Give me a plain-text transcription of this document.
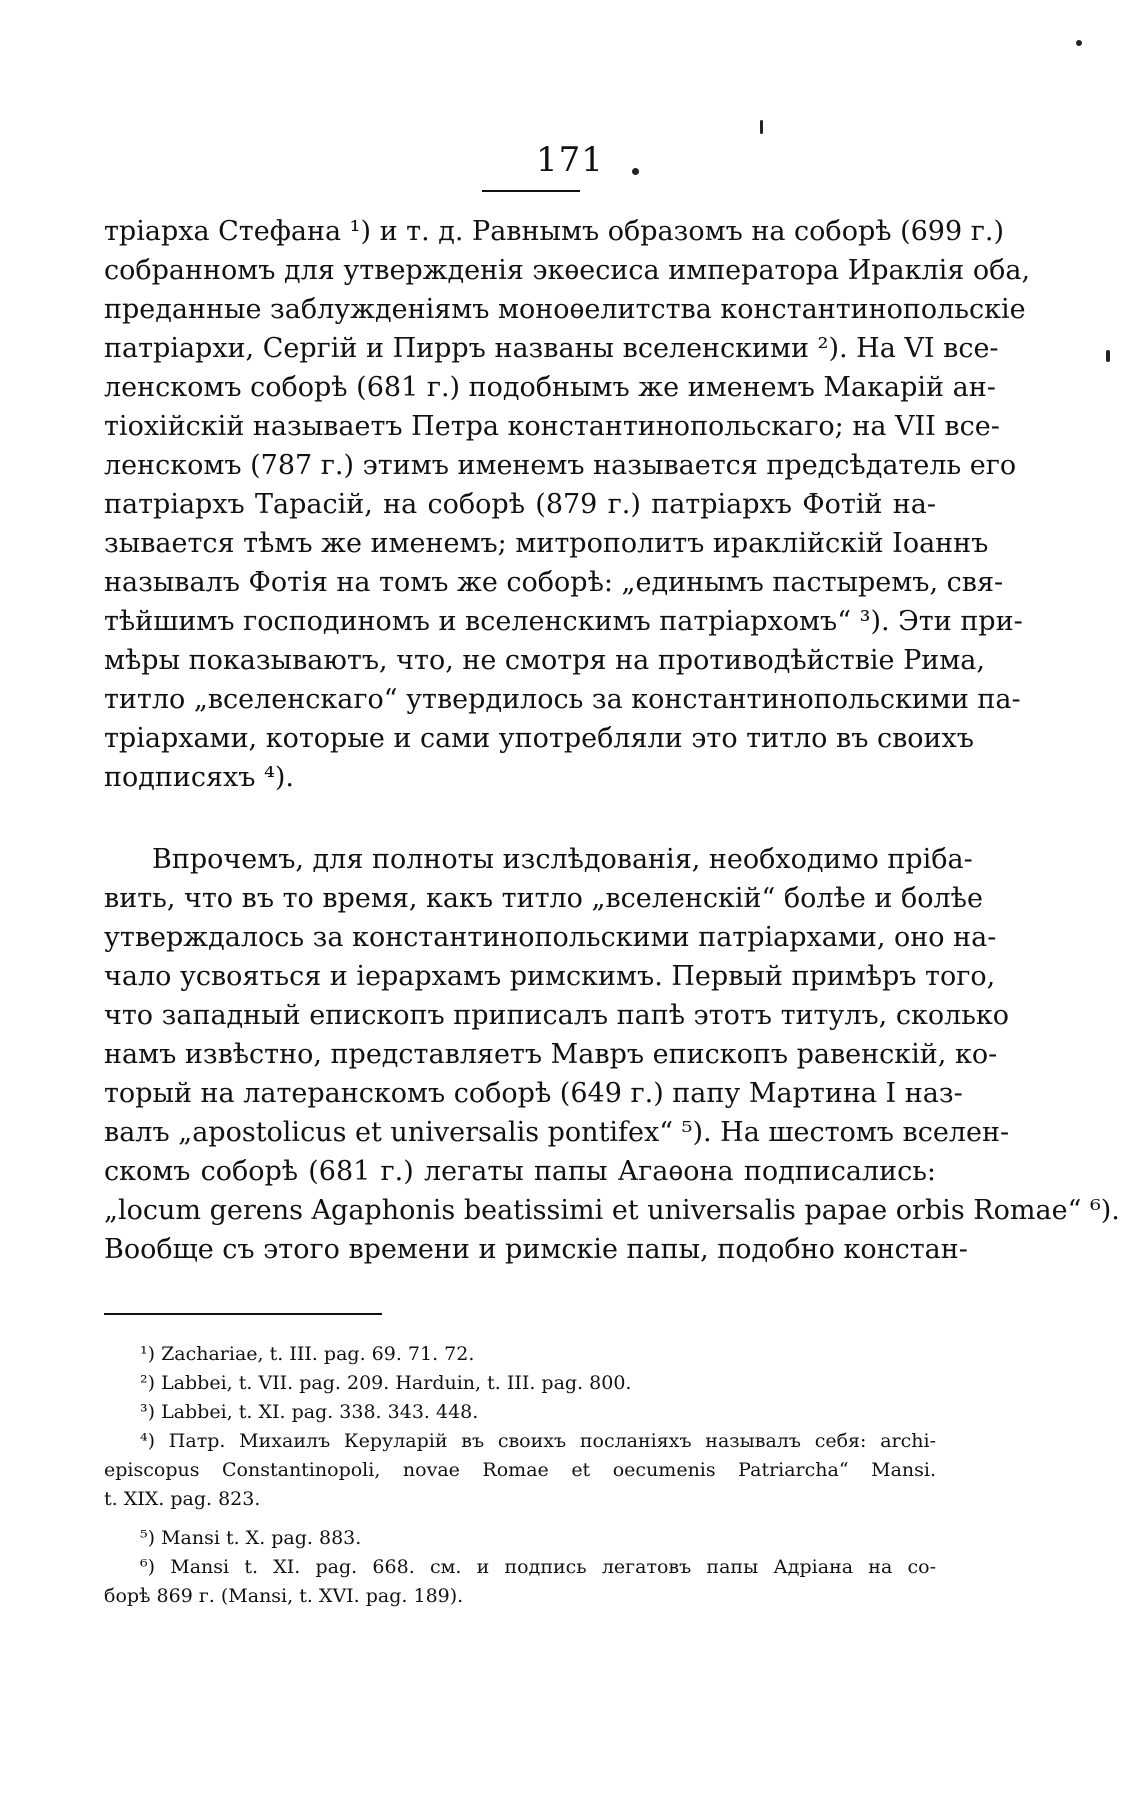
171
тріарха Стефана ¹) и т. д. Равнымъ образомъ на соборѣ (699 г.)
собранномъ для утвержденія экѳесиса императора Ираклія оба,
преданные заблужденіямъ монoѳелитства константинопольскіе
патріархи, Сергій и Пирръ названы вселенскими ²). На VI все-
ленскомъ соборѣ (681 г.) подобнымъ же именемъ Макарій ан-
тіохійскій называетъ Петра константинопольскаго; на VII все-
ленскомъ (787 г.) этимъ именемъ называется предсѣдатель его
патріархъ Тарасій, на соборѣ (879 г.) патріархъ Фотій на-
зывается тѣмъ же именемъ; митрополитъ ираклійскій Іоаннъ
называлъ Фотія на томъ же соборѣ: „единымъ пастыремъ, свя-
тѣйшимъ господиномъ и вселенскимъ патріархомъ“ ³). Эти при-
мѣры показываютъ, что, не смотря на противодѣйствіе Рима,
титло „вселенскаго“ утвердилось за константинопольскими па-
тріархами, которые и сами употребляли это титло въ своихъ
подписяхъ ⁴).
Впрочемъ, для полноты изслѣдованія, необходимо прiба-
вить, что въ то время, какъ титло „вселенскій“ болѣе и болѣе
утверждалось за константинопольскими патріархами, оно на-
чало усвояться и іерархамъ римскимъ. Первый примѣръ того,
что западный епископъ приписалъ папѣ этотъ титулъ, сколько
намъ извѣстно, представляетъ Мавръ епископъ равенскій, ко-
торый на латеранскомъ соборѣ (649 г.) папу Мартина I наз-
валъ „apostolicus et universalis pontifex“ ⁵). На шестомъ вселен-
скомъ соборѣ (681 г.) легаты папы Агаѳона подписались:
„locum gerens Agaphonis beatissimi et universalis papae orbis Romae“ ⁶).
Вообще съ этого времени и римскіе папы, подобно констан-
¹) Zachariae, t. III. pag. 69. 71. 72.
²) Labbei, t. VII. pag. 209. Harduin, t. III. pag. 800.
³) Labbei, t. XI. pag. 338. 343. 448.
⁴) Патр. Михаилъ Керуларій въ своихъ посланіяхъ называлъ себя: archi-
episcopus Constantinopoli, novae Romae et oecumenis Patriarcha“ Mansi.
t. XIX. pag. 823.
⁵) Mansi t. X. pag. 883.
⁶) Mansi t. XI. pag. 668. см. и подпись легатовъ папы Адріана на со-
борѣ 869 г. (Mansi, t. XVI. pag. 189).
